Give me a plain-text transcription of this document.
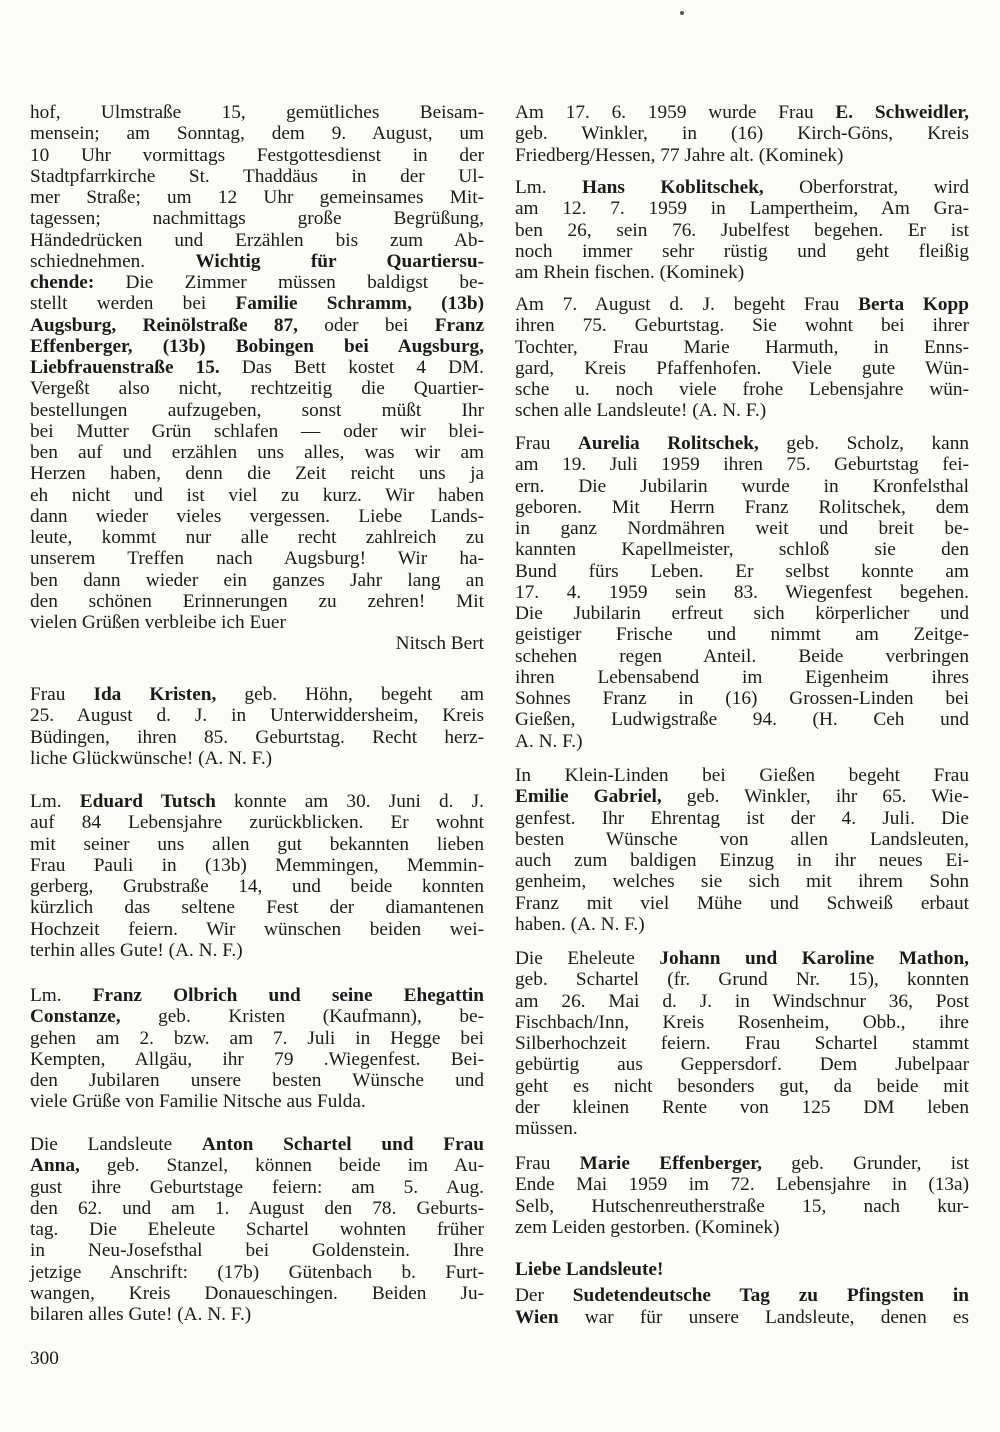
hof, Ulmstraße 15, gemütliches Beisam-
mensein; am Sonntag, dem 9. August, um
10 Uhr vormittags Festgottesdienst in der
Stadtpfarrkirche St. Thaddäus in der Ul-
mer Straße; um 12 Uhr gemeinsames Mit-
tagessen; nachmittags große Begrüßung,
Händedrücken und Erzählen bis zum Ab-
schiednehmen. Wichtig für Quartiersu-
chende: Die Zimmer müssen baldigst be-
stellt werden bei Familie Schramm, (13b)
Augsburg, Reinölstraße 87, oder bei Franz
Effenberger, (13b) Bobingen bei Augsburg,
Liebfrauenstraße 15. Das Bett kostet 4 DM.
Vergeßt also nicht, rechtzeitig die Quartier-
bestellungen aufzugeben, sonst müßt Ihr
bei Mutter Grün schlafen — oder wir blei-
ben auf und erzählen uns alles, was wir am
Herzen haben, denn die Zeit reicht uns ja
eh nicht und ist viel zu kurz. Wir haben
dann wieder vieles vergessen. Liebe Lands-
leute, kommt nur alle recht zahlreich zu
unserem Treffen nach Augsburg! Wir ha-
ben dann wieder ein ganzes Jahr lang an
den schönen Erinnerungen zu zehren! Mit
vielen Grüßen verbleibe ich Euer
Nitsch Bert
Frau Ida Kristen, geb. Höhn, begeht am
25. August d. J. in Unterwiddersheim, Kreis
Büdingen, ihren 85. Geburtstag. Recht herz-
liche Glückwünsche! (A. N. F.)
Lm. Eduard Tutsch konnte am 30. Juni d. J.
auf 84 Lebensjahre zurückblicken. Er wohnt
mit seiner uns allen gut bekannten lieben
Frau Pauli in (13b) Memmingen, Memmin-
gerberg, Grubstraße 14, und beide konnten
kürzlich das seltene Fest der diamantenen
Hochzeit feiern. Wir wünschen beiden wei-
terhin alles Gute! (A. N. F.)
Lm. Franz Olbrich und seine Ehegattin
Constanze, geb. Kristen (Kaufmann), be-
gehen am 2. bzw. am 7. Juli in Hegge bei
Kempten, Allgäu, ihr 79 .Wiegenfest. Bei-
den Jubilaren unsere besten Wünsche und
viele Grüße von Familie Nitsche aus Fulda.
Die Landsleute Anton Schartel und Frau
Anna, geb. Stanzel, können beide im Au-
gust ihre Geburtstage feiern: am 5. Aug.
den 62. und am 1. August den 78. Geburts-
tag. Die Eheleute Schartel wohnten früher
in Neu-Josefsthal bei Goldenstein. Ihre
jetzige Anschrift: (17b) Gütenbach b. Furt-
wangen, Kreis Donaueschingen. Beiden Ju-
bilaren alles Gute! (A. N. F.)
Am 17. 6. 1959 wurde Frau E. Schweidler,
geb. Winkler, in (16) Kirch-Göns, Kreis
Friedberg/Hessen, 77 Jahre alt. (Kominek)
Lm. Hans Koblitschek, Oberforstrat, wird
am 12. 7. 1959 in Lampertheim, Am Gra-
ben 26, sein 76. Jubelfest begehen. Er ist
noch immer sehr rüstig und geht fleißig
am Rhein fischen. (Kominek)
Am 7. August d. J. begeht Frau Berta Kopp
ihren 75. Geburtstag. Sie wohnt bei ihrer
Tochter, Frau Marie Harmuth, in Enns-
gard, Kreis Pfaffenhofen. Viele gute Wün-
sche u. noch viele frohe Lebensjahre wün-
schen alle Landsleute! (A. N. F.)
Frau Aurelia Rolitschek, geb. Scholz, kann
am 19. Juli 1959 ihren 75. Geburtstag fei-
ern. Die Jubilarin wurde in Kronfelsthal
geboren. Mit Herrn Franz Rolitschek, dem
in ganz Nordmähren weit und breit be-
kannten Kapellmeister, schloß sie den
Bund fürs Leben. Er selbst konnte am
17. 4. 1959 sein 83. Wiegenfest begehen.
Die Jubilarin erfreut sich körperlicher und
geistiger Frische und nimmt am Zeitge-
schehen regen Anteil. Beide verbringen
ihren Lebensabend im Eigenheim ihres
Sohnes Franz in (16) Grossen-Linden bei
Gießen, Ludwigstraße 94. (H. Ceh und
A. N. F.)
In Klein-Linden bei Gießen begeht Frau
Emilie Gabriel, geb. Winkler, ihr 65. Wie-
genfest. Ihr Ehrentag ist der 4. Juli. Die
besten Wünsche von allen Landsleuten,
auch zum baldigen Einzug in ihr neues Ei-
genheim, welches sie sich mit ihrem Sohn
Franz mit viel Mühe und Schweiß erbaut
haben. (A. N. F.)
Die Eheleute Johann und Karoline Mathon,
geb. Schartel (fr. Grund Nr. 15), konnten
am 26. Mai d. J. in Windschnur 36, Post
Fischbach/Inn, Kreis Rosenheim, Obb., ihre
Silberhochzeit feiern. Frau Schartel stammt
gebürtig aus Geppersdorf. Dem Jubelpaar
geht es nicht besonders gut, da beide mit
der kleinen Rente von 125 DM leben
müssen.
Frau Marie Effenberger, geb. Grunder, ist
Ende Mai 1959 im 72. Lebensjahre in (13a)
Selb, Hutschenreutherstraße 15, nach kur-
zem Leiden gestorben. (Kominek)
Liebe Landsleute!
Der Sudetendeutsche Tag zu Pfingsten in
Wien war für unsere Landsleute, denen es
300
